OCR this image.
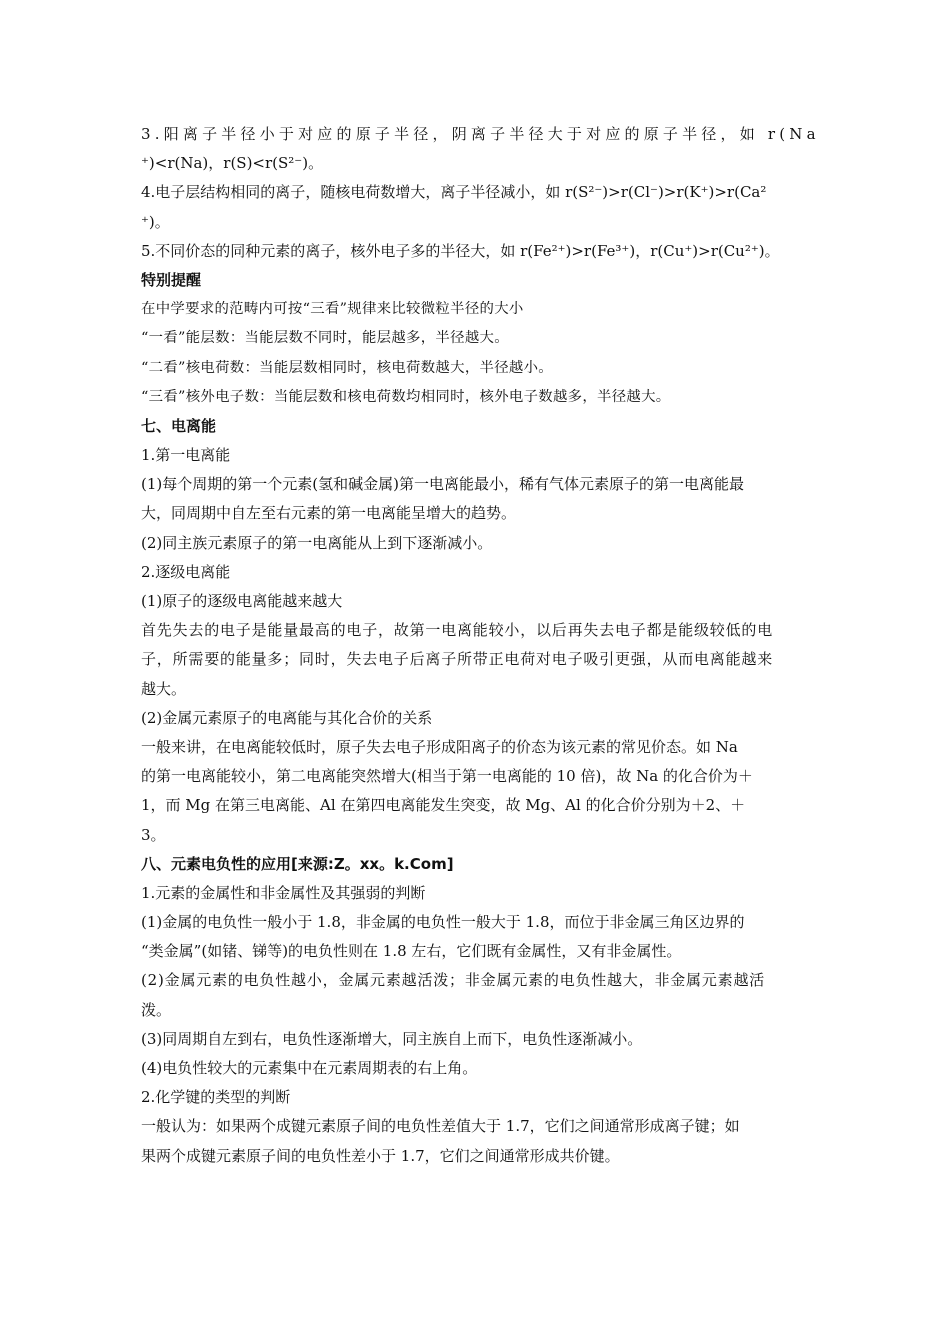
3.阳离子半径小于对应的原子半径，阴离子半径大于对应的原子半径，如 r(Na
⁺)<r(Na)，r(S)<r(S²⁻)。
4.电子层结构相同的离子，随核电荷数增大，离子半径减小，如 r(S²⁻)>r(Cl⁻)>r(K⁺)>r(Ca²
⁺)。
5.不同价态的同种元素的离子，核外电子多的半径大，如 r(Fe²⁺)>r(Fe³⁺)，r(Cu⁺)>r(Cu²⁺)。
特别提醒
在中学要求的范畴内可按“三看”规律来比较微粒半径的大小
“一看”能层数：当能层数不同时，能层越多，半径越大。
“二看”核电荷数：当能层数相同时，核电荷数越大，半径越小。
“三看”核外电子数：当能层数和核电荷数均相同时，核外电子数越多，半径越大。
七、电离能
1.第一电离能
(1)每个周期的第一个元素(氢和碱金属)第一电离能最小，稀有气体元素原子的第一电离能最
大，同周期中自左至右元素的第一电离能呈增大的趋势。
(2)同主族元素原子的第一电离能从上到下逐渐减小。
2.逐级电离能
(1)原子的逐级电离能越来越大
首先失去的电子是能量最高的电子，故第一电离能较小，以后再失去电子都是能级较低的电
子，所需要的能量多；同时，失去电子后离子所带正电荷对电子吸引更强，从而电离能越来
越大。
(2)金属元素原子的电离能与其化合价的关系
一般来讲，在电离能较低时，原子失去电子形成阳离子的价态为该元素的常见价态。如 Na
的第一电离能较小，第二电离能突然增大(相当于第一电离能的 10 倍)，故 Na 的化合价为＋
1，而 Mg 在第三电离能、Al 在第四电离能发生突变，故 Mg、Al 的化合价分别为＋2、＋
3。
八、元素电负性的应用[来源:Z。xx。k.Com]
1.元素的金属性和非金属性及其强弱的判断
(1)金属的电负性一般小于 1.8，非金属的电负性一般大于 1.8，而位于非金属三角区边界的
“类金属”(如锗、锑等)的电负性则在 1.8 左右，它们既有金属性，又有非金属性。
(2)金属元素的电负性越小，金属元素越活泼；非金属元素的电负性越大，非金属元素越活
泼。
(3)同周期自左到右，电负性逐渐增大，同主族自上而下，电负性逐渐减小。
(4)电负性较大的元素集中在元素周期表的右上角。
2.化学键的类型的判断
一般认为：如果两个成键元素原子间的电负性差值大于 1.7，它们之间通常形成离子键；如
果两个成键元素原子间的电负性差小于 1.7，它们之间通常形成共价键。
